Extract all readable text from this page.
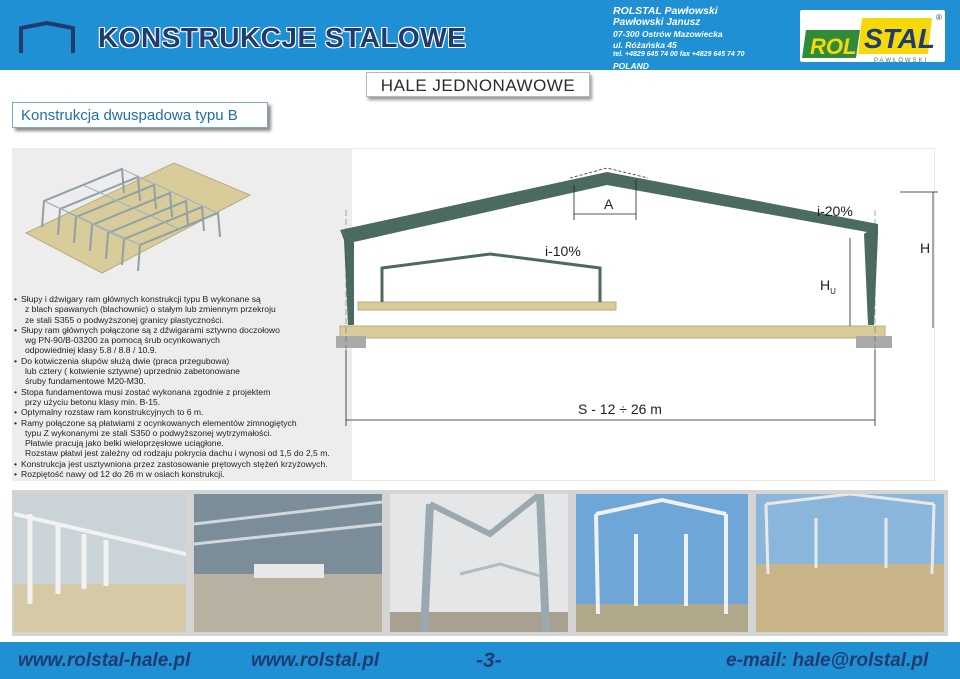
KONSTRUKCJE STALOWE
ROLSTAL Pawłowski
Pawłowski Janusz
07-300 Ostrów Mazowiecka
ul. Różańska 45
tel. +4829 645 74 00 fax +4829 645 74 70
POLAND
ROL STAL
PAWŁOWSKI
®
HALE JEDNONAWOWE
Konstrukcja dwuspadowa typu B
A	i-20%
i-10%	H
$H_U$
S - 12 ÷ 26 m

• Słupy i dźwigary ram głównych konstrukcji typu B wykonane są

z blach spawanych (blachownic) o stałym lub zmiennym przekroju

ze stali S355 o podwyższonej granicy plastyczności.

• Słupy ram głównych połączone są z dźwigarami sztywno doczołowo

wg PN-90/B-03200 za pomocą śrub ocynkowanych

odpowiedniej klasy 5.8 / 8.8 / 10.9.

• Do kotwiczenia słupów służą dwie (praca przegubowa)

lub cztery ( kotwienie sztywne) uprzednio zabetonowane

śruby fundamentowe M20-M30.

• Stopa fundamentowa musi zostać wykonana zgodnie z projektem

przy użyciu betonu klasy min. B-15.

• Optymalny rozstaw ram konstrukcyjnych to 6 m.

• Ramy połączone są płatwiami z ocynkowanych elementów zimnogiętych

typu Z wykonanymi ze stali S350 o podwyższonej wytrzymałości.

Płatwie pracują jako belki wieloprzęsłowe uciągłone.

Rozstaw płatwi jest zależny od rodzaju pokrycia dachu i wynosi od 1,5 do 2,5 m.

• Konstrukcja jest usztywniona przez zastosowanie prętowych stężeń krzyżowych.

• Rozpiętość nawy od 12 do 26 m w osiach konstrukcji.

www.rolstal-hale.pl	www.rolstal.pl	-3-	e-mail: hale@rolstal.pl
